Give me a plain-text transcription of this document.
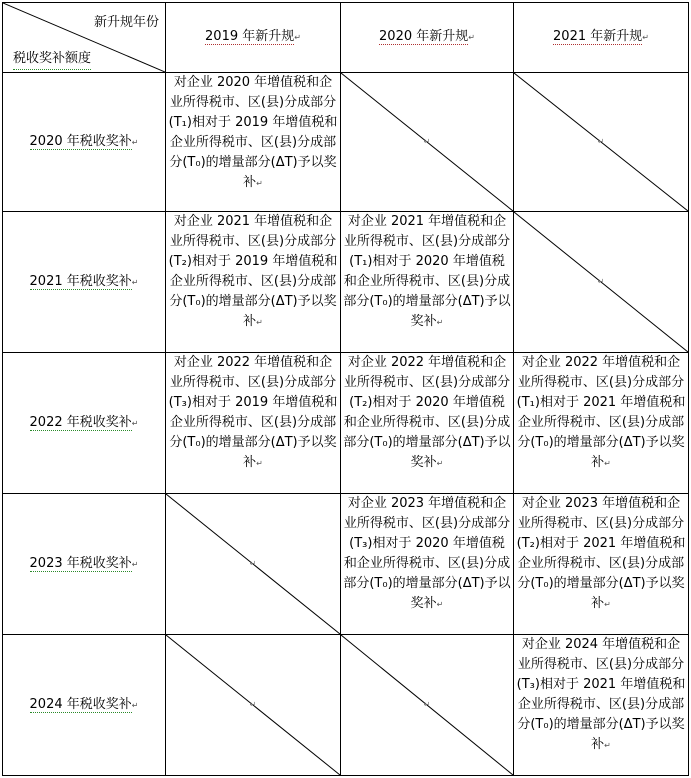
新升规年份
税收奖补额度	2019 年新升规↵	2020 年新升规↵	2021 年新升规↵
2020 年税收奖补↵	对企业 2020 年增值税和企业所得税市、区(县)分成部分(T₁)相对于 2019 年增值税和企业所得税市、区(县)分成部分(T₀)的增量部分(ΔT)予以奖补↵	↵	↵

2021 年税收奖补↵	对企业 2021 年增值税和企业所得税市、区(县)分成部分(T₂)相对于 2019 年增值税和企业所得税市、区(县)分成部分(T₀)的增量部分(ΔT)予以奖补↵	对企业 2021 年增值税和企业所得税市、区(县)分成部分(T₁)相对于 2020 年增值税和企业所得税市、区(县)分成部分(T₀)的增量部分(ΔT)予以奖补↵	↵

2022 年税收奖补↵	对企业 2022 年增值税和企业所得税市、区(县)分成部分(T₃)相对于 2019 年增值税和企业所得税市、区(县)分成部分(T₀)的增量部分(ΔT)予以奖补↵	对企业 2022 年增值税和企业所得税市、区(县)分成部分(T₂)相对于 2020 年增值税和企业所得税市、区(县)分成部分(T₀)的增量部分(ΔT)予以奖补↵	对企业 2022 年增值税和企业所得税市、区(县)分成部分(T₁)相对于 2021 年增值税和企业所得税市、区(县)分成部分(T₀)的增量部分(ΔT)予以奖补↵
2023 年税收奖补↵	↵	对企业 2023 年增值税和企业所得税市、区(县)分成部分(T₃)相对于 2020 年增值税和企业所得税市、区(县)分成部分(T₀)的增量部分(ΔT)予以奖补↵	对企业 2023 年增值税和企业所得税市、区(县)分成部分(T₂)相对于 2021 年增值税和企业所得税市、区(县)分成部分(T₀)的增量部分(ΔT)予以奖补↵
2024 年税收奖补↵	↵	↵	对企业 2024 年增值税和企业所得税市、区(县)分成部分(T₃)相对于 2021 年增值税和企业所得税市、区(县)分成部分(T₀)的增量部分(ΔT)予以奖补↵
